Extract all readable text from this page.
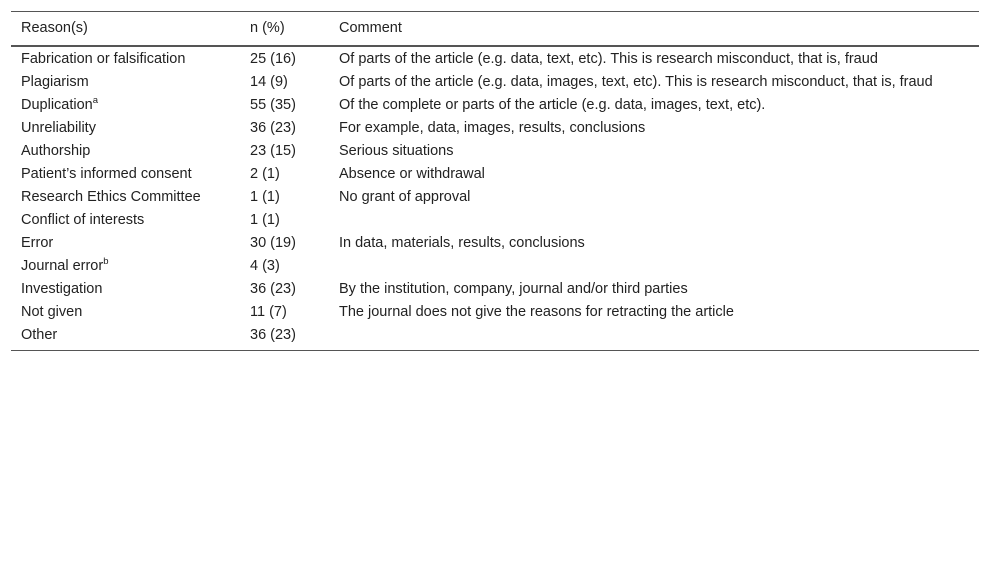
Reason(s)	n (%)	Comment
Fabrication or falsification	25 (16)	Of parts of the article (e.g. data, text, etc). This is research misconduct, that is, fraud
Plagiarism	14 (9)	Of parts of the article (e.g. data, images, text, etc). This is research misconduct, that is, fraud
Duplication$^a$	55 (35)	Of the complete or parts of the article (e.g. data, images, text, etc).
Unreliability	36 (23)	For example, data, images, results, conclusions
Authorship	23 (15)	Serious situations
Patient’s informed consent	2 (1)	Absence or withdrawal
Research Ethics Committee	1 (1)	No grant of approval
Conflict of interests	1 (1)	
Error	30 (19)	In data, materials, results, conclusions
Journal error$^b$	4 (3)	
Investigation	36 (23)	By the institution, company, journal and/or third parties
Not given	11 (7)	The journal does not give the reasons for retracting the article
Other	36 (23)	
